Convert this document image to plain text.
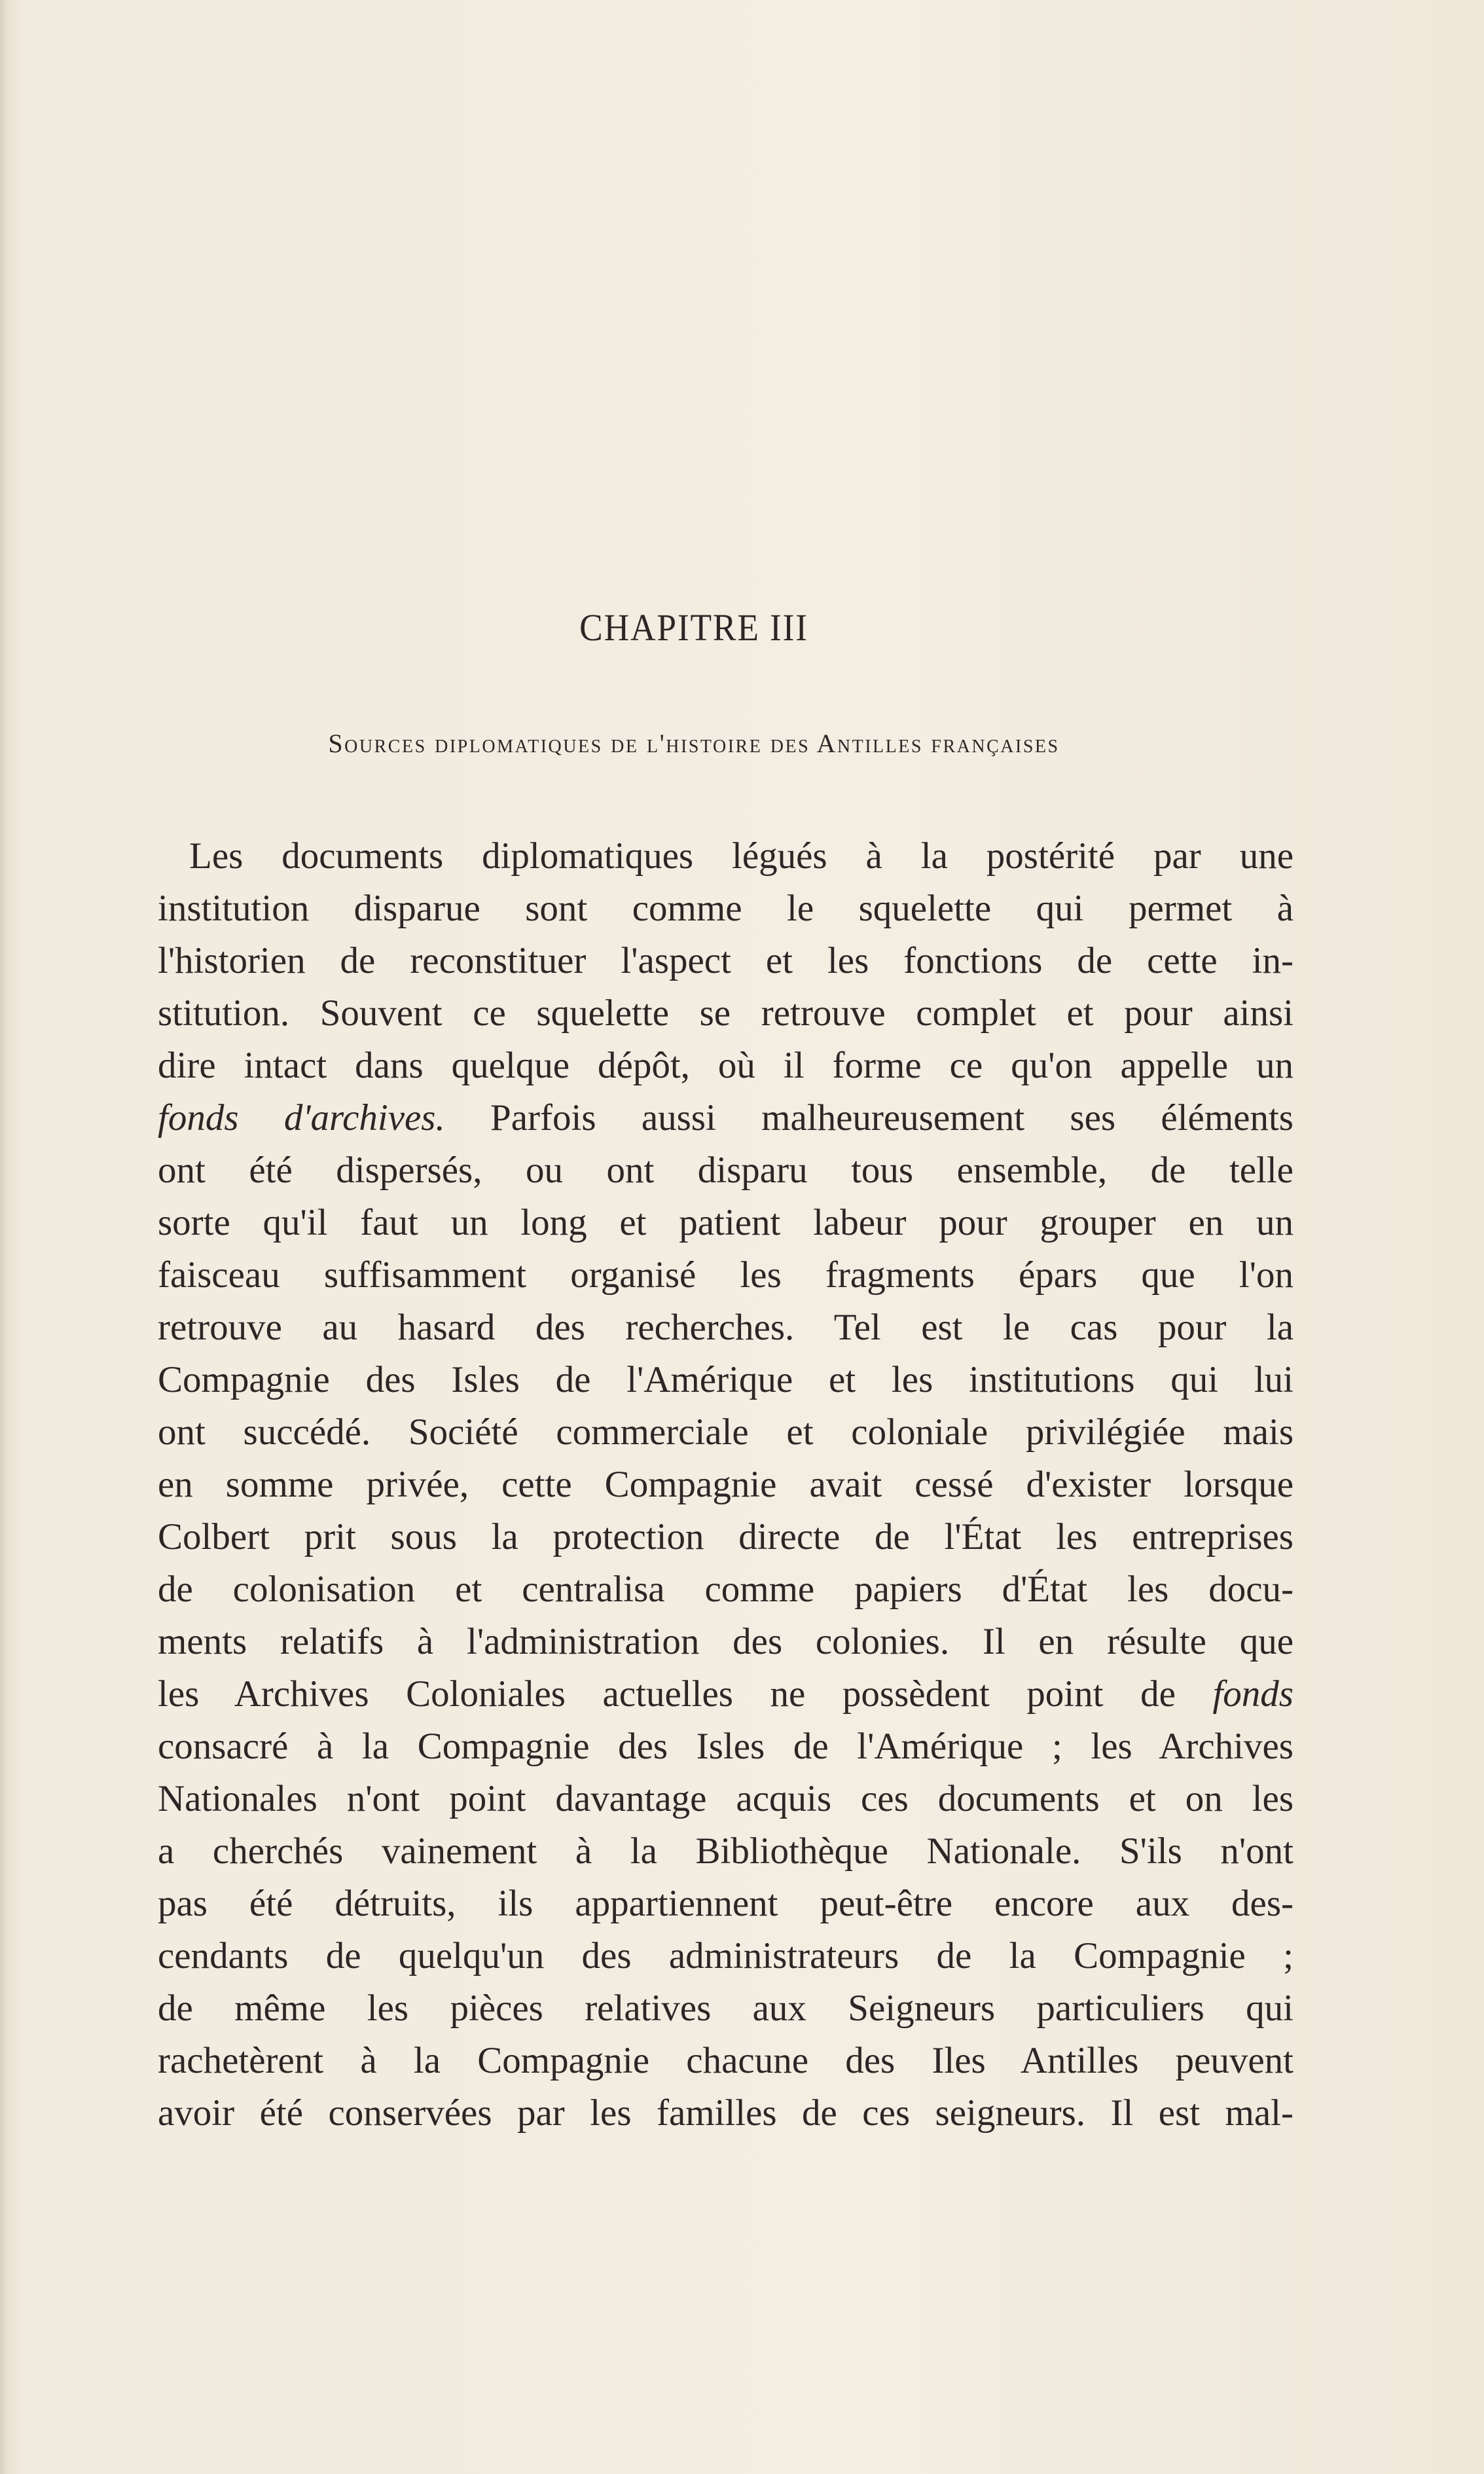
CHAPITRE III
Sources diplomatiques de l'histoire des Antilles françaises
Les documents diplomatiques légués à la postérité par une
institution disparue sont comme le squelette qui permet à
l'historien de reconstituer l'aspect et les fonctions de cette in-
stitution. Souvent ce squelette se retrouve complet et pour ainsi
dire intact dans quelque dépôt, où il forme ce qu'on appelle un
fonds d'archives. Parfois aussi malheureusement ses éléments
ont été dispersés, ou ont disparu tous ensemble, de telle
sorte qu'il faut un long et patient labeur pour grouper en un
faisceau suffisamment organisé les fragments épars que l'on
retrouve au hasard des recherches. Tel est le cas pour la
Compagnie des Isles de l'Amérique et les institutions qui lui
ont succédé. Société commerciale et coloniale privilégiée mais
en somme privée, cette Compagnie avait cessé d'exister lorsque
Colbert prit sous la protection directe de l'État les entreprises
de colonisation et centralisa comme papiers d'État les docu-
ments relatifs à l'administration des colonies. Il en résulte que
les Archives Coloniales actuelles ne possèdent point de fonds
consacré à la Compagnie des Isles de l'Amérique ; les Archives
Nationales n'ont point davantage acquis ces documents et on les
a cherchés vainement à la Bibliothèque Nationale. S'ils n'ont
pas été détruits, ils appartiennent peut-être encore aux des-
cendants de quelqu'un des administrateurs de la Compagnie ;
de même les pièces relatives aux Seigneurs particuliers qui
rachetèrent à la Compagnie chacune des Iles Antilles peuvent
avoir été conservées par les familles de ces seigneurs. Il est mal-
